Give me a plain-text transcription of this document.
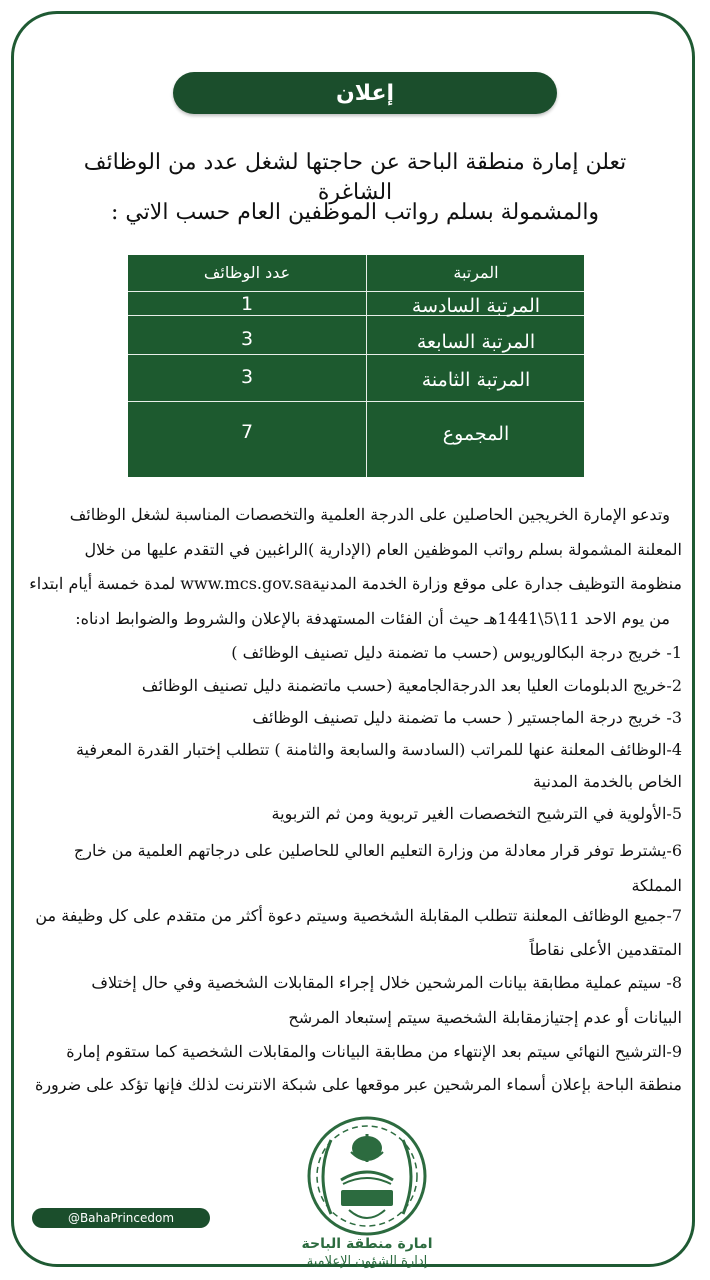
إعلان
تعلن إمارة منطقة الباحة عن حاجتها لشغل عدد من الوظائف الشاغرة
والمشمولة بسلم رواتب الموظفين العام حسب الاتي :
المرتبة
عدد الوظائف
المرتبة السادسة
1
المرتبة السابعة
3
المرتبة الثامنة
3
المجموع
7
وتدعو الإمارة الخريجين الحاصلين على الدرجة العلمية والتخصصات المناسبة لشغل الوظائف
المعلنة المشمولة بسلم رواتب الموظفين العام (الإدارية )الراغبين في التقدم عليها من خلال
منظومة التوظيف جدارة على موقع وزارة الخدمة المدنيةwww.mcs.gov.sa لمدة خمسة أيام ابتداء
من يوم الاحد 11\5\1441هـ حيث أن الفئات المستهدفة بالإعلان والشروط والضوابط ادناه:
1- خريج درجة البكالوريوس (حسب ما تضمنة دليل تصنيف الوظائف )
2-خريج الدبلومات العليا بعد الدرجةالجامعية (حسب ماتضمنة دليل تصنيف الوظائف
3- خريج درجة الماجستير ( حسب ما تضمنة دليل تصنيف الوظائف
4-الوظائف المعلنة عنها للمراتب (السادسة والسابعة والثامنة ) تتطلب إختبار القدرة المعرفية
الخاص بالخدمة المدنية
5-الأولوية في الترشيح التخصصات الغير تربوية ومن ثم التربوية
6-يشترط توفر قرار معادلة من وزارة التعليم العالي للحاصلين على درجاتهم العلمية من خارج
المملكة
7-جميع الوظائف المعلنة تتطلب المقابلة الشخصية وسيتم دعوة أكثر من متقدم على كل وظيفة من
المتقدمين الأعلى نقاطاً
8- سيتم عملية مطابقة بيانات المرشحين خلال إجراء المقابلات الشخصية وفي حال إختلاف
البيانات أو عدم إجتيازمقابلة الشخصية سيتم إستبعاد المرشح
9-الترشيح النهائي سيتم بعد الإنتهاء من مطابقة البيانات والمقابلات الشخصية كما ستقوم إمارة
منطقة الباحة بإعلان أسماء المرشحين عبر موقعها على شبكة الانترنت لذلك فإنها تؤكد على ضرورة
امارة منطقة الباحة
إدارة الشؤون الإعلامية
@BahaPrincedom
